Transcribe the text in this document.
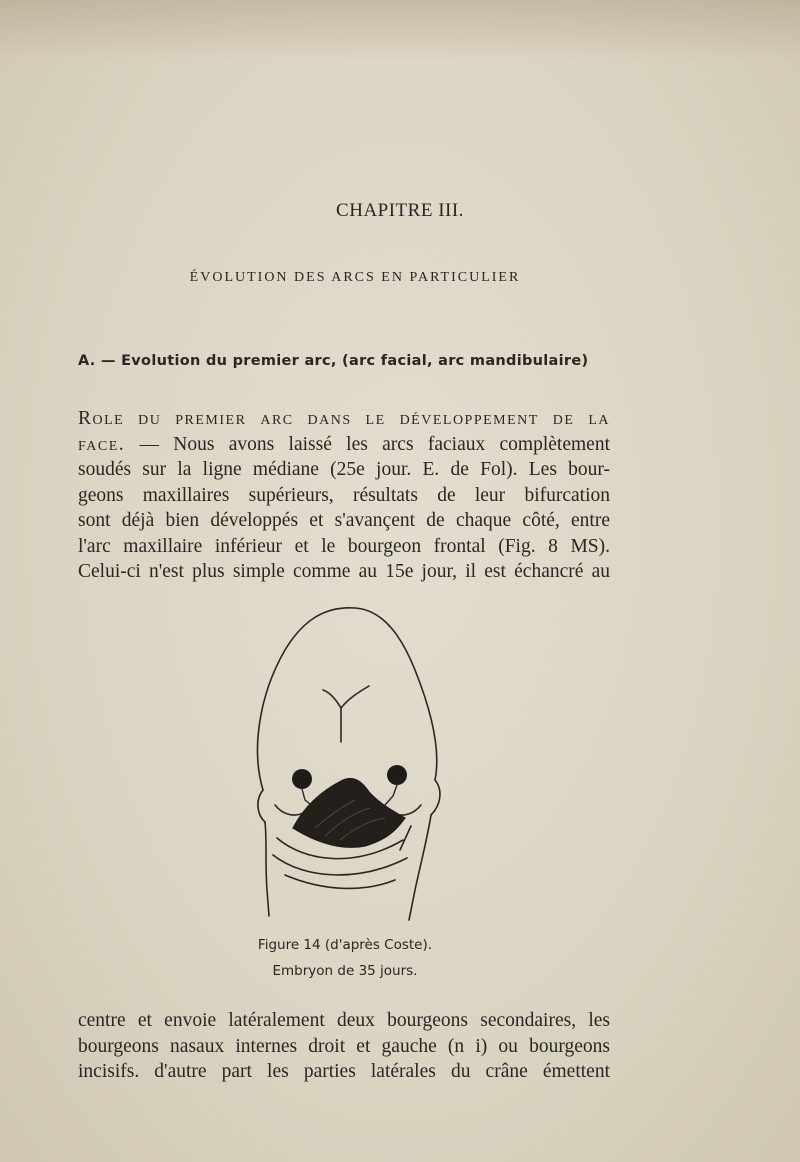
CHAPITRE III.
ÉVOLUTION DES ARCS EN PARTICULIER
A. — Evolution du premier arc, (arc facial, arc mandibulaire)
Role du premier arc dans le développement de la
face. — Nous avons laissé les arcs faciaux complètement
soudés sur la ligne médiane (25e jour. E. de Fol). Les bour-
geons maxillaires supérieurs, résultats de leur bifurcation
sont déjà bien développés et s'avançent de chaque côté, entre
l'arc maxillaire inférieur et le bourgeon frontal (Fig. 8 MS).
Celui-ci n'est plus simple comme au 15e jour, il est échancré au
Figure 14 (d'après Coste).
Embryon de 35 jours.
centre et envoie latéralement deux bourgeons secondaires, les
bourgeons nasaux internes droit et gauche (n i) ou bourgeons
incisifs. d'autre part les parties latérales du crâne émettent
